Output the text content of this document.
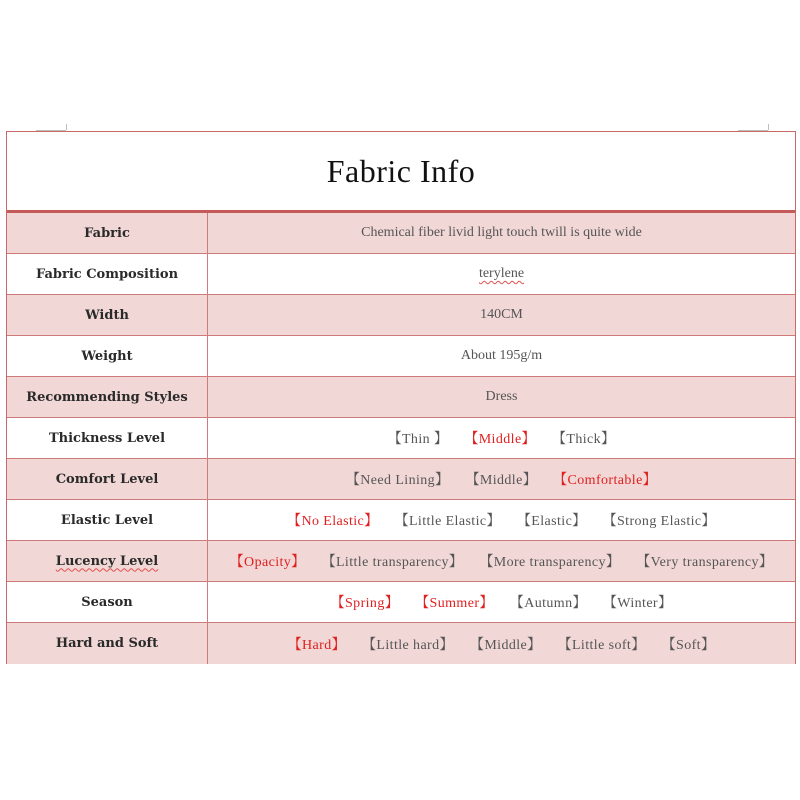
Fabric Info
Fabric	Chemical fiber livid light touch twill is quite wide
Fabric Composition	terylene
Width	140CM
Weight	About 195g/m
Recommending Styles	Dress
Thickness Level	【Thin 】 【Middle】 【Thick】
Comfort Level	【Need Lining】 【Middle】 【Comfortable】
Elastic Level	【No Elastic】 【Little Elastic】 【Elastic】 【Strong Elastic】
Lucency Level	【Opacity】 【Little transparency】 【More transparency】 【Very transparency】
Season	【Spring】 【Summer】 【Autumn】 【Winter】
Hard and Soft	【Hard】 【Little hard】 【Middle】 【Little soft】 【Soft】
